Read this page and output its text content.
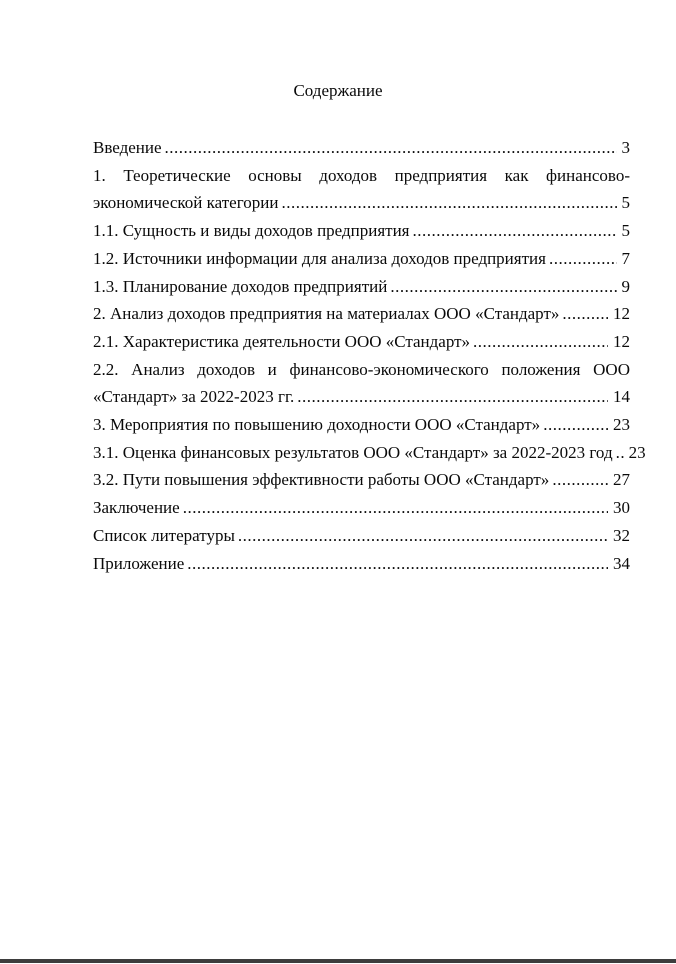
Содержание
Введение .....	3
1. Теоретические основы доходов предприятия как финансово-
экономической категории .....	5
1.1. Сущность и виды доходов предприятия .....	5
1.2. Источники информации для анализа доходов предприятия .....	7
1.3. Планирование доходов предприятий .....	9
2. Анализ доходов предприятия на материалах ООО «Стандарт» .....	12
2.1. Характеристика деятельности ООО «Стандарт» .....	12
2.2. Анализ доходов и финансово-экономического положения ООО
«Стандарт» за 2022-2023 гг. .....	14
3. Мероприятия по повышению доходности ООО «Стандарт» .....	23
3.1. Оценка финансовых результатов ООО «Стандарт» за 2022-2023 год ..... 23
3.2. Пути повышения эффективности работы ООО «Стандарт» .....	27
Заключение .....	30
Список литературы .....	32
Приложение .....	34
